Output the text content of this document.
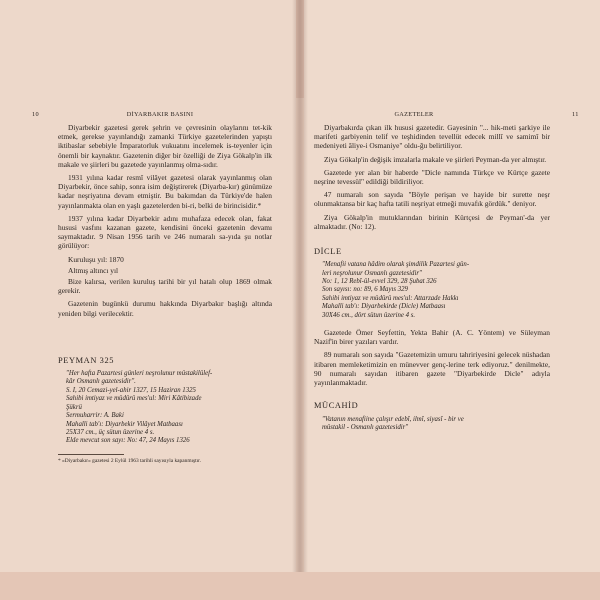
10	DİYARBAKIR BASINI

Diyarbekir gazetesi gerek şehrin ve çevresinin olaylarını tet-kik etmek, gerekse yayınlandığı zamanki Türkiye gazetelerinden yapıştı iktibaslar sebebiyle İmparatorluk vukuatını incelemek is-teyenler için önemli bir kaynaktır. Gazetenin diğer bir özelliği de Ziya Gökalp'in ilk makale ve şiirleri bu gazetede yayınlanmış olma-sıdır.

1931 yılına kadar resmî vilâyet gazetesi olarak yayınlanmış olan Diyarbekir, önce sahip, sonra isim değiştirerek (Diyarba-kır) günümüze kadar neşriyatına devam etmiştir. Bu bakımdan da Türkiye'de halen yayınlanmakta olan en yaşlı gazetelerden bi-ri, belki de birincisidir.*

1937 yılına kadar Diyarbekir adını muhafaza edecek olan, fakat hususi vasfını kazanan gazete, kendisini önceki gazetenin devamı saymaktadır. 9 Nisan 1956 tarih ve 246 numaralı sa-yıda şu notlar görülüyor:

Kuruluşu yıl: 1870

Altmış altıncı yıl

Bize kalırsa, verilen kuruluş tarihi bir yıl hatalı olup 1869 olmak gerekir.

Gazetenin bugünkü durumu hakkında Diyarbakır başlığı altında yeniden bilgi verilecektir.

PEYMAN 325
"Her hafta Pazartesi günleri neşrolunur müstakilülef-
kâr Osmanlı gazetesidir".
S. I, 20 Cemazi-yel-ahir 1327, 15 Haziran 1325
Sahibi imtiyaz ve müdürü mes'ul: Miri Kâtibizade
Şükrü
Sermuharrir: A. Baki
Mahalli tab'ı: Diyarbekir Vilâyet Matbaası
25X37 cm., üç sütun üzerine 4 s.
Elde mevcut son sayı: No: 47, 24 Mayıs 1326
* «Diyarbakır» gazetesi 2 Eylül 1963 tarihli sayısıyla kapanmıştır.
GAZETELER	11

Diyarbakırda çıkan ilk hususi gazetedir. Gayesinin "... hik-meti şarkiye ile marifeti garbiyenin telif ve teşhidinden tevellüt edecek millî ve samimî bir medeniyeti âliye-i Osmaniye" oldu-ğu belirtiliyor.

Ziya Gökalp'in değişik imzalarla makale ve şiirleri Peyman-da yer almıştır.

Gazetede yer alan bir haberde "Dicle namında Türkçe ve Kürtçe gazete neşrine tevessül" edildiği bildiriliyor.

47 numaralı son sayıda "Böyle perişan ve hayide bir surette neşr olunmaktansa bir kaç hafta tatili neşriyat etmeği muvafık gördük." deniyor.

Ziya Gökalp'in mutuklarından birinin Kürtçesi de Peyman'-da yer almaktadır. (No: 12).

DİCLE
"Menafii vatana hâdim olarak şimdilik Pazartesi gün-
leri neşrolunur Osmanlı gazetesidir"
No: 1, 12 Rebî-ül-evvel 329, 28 Şubat 326
Son sayısı: no: 89, 6 Mayıs 329
Sahibi imtiyaz ve müdürü mes'ul: Attarzade Hakkı
Mahalli tab'ı: Diyarbekirde (Dicle) Matbaası
30X46 cm., dört sütun üzerine 4 s.

Gazetede Ömer Seyfettin, Yekta Bahir (A. C. Yöntem) ve Süleyman Nazif'in birer yazıları vardır.

89 numaralı son sayıda "Gazetemizin umuru tahririyesini gelecek nüshadan itibaren memleketimizin en münevver genç-lerine terk ediyoruz." denilmekte, 90 numaralı sayıdan itibaren gazete "Diyarbekirde Dicle" adıyla yayınlanmaktadır.

MÜCAHİD
"Vatanın menafiine çalışır edebî, ilmî, siyasî - bir ve
müstakil - Osmanlı gazetesidir"
